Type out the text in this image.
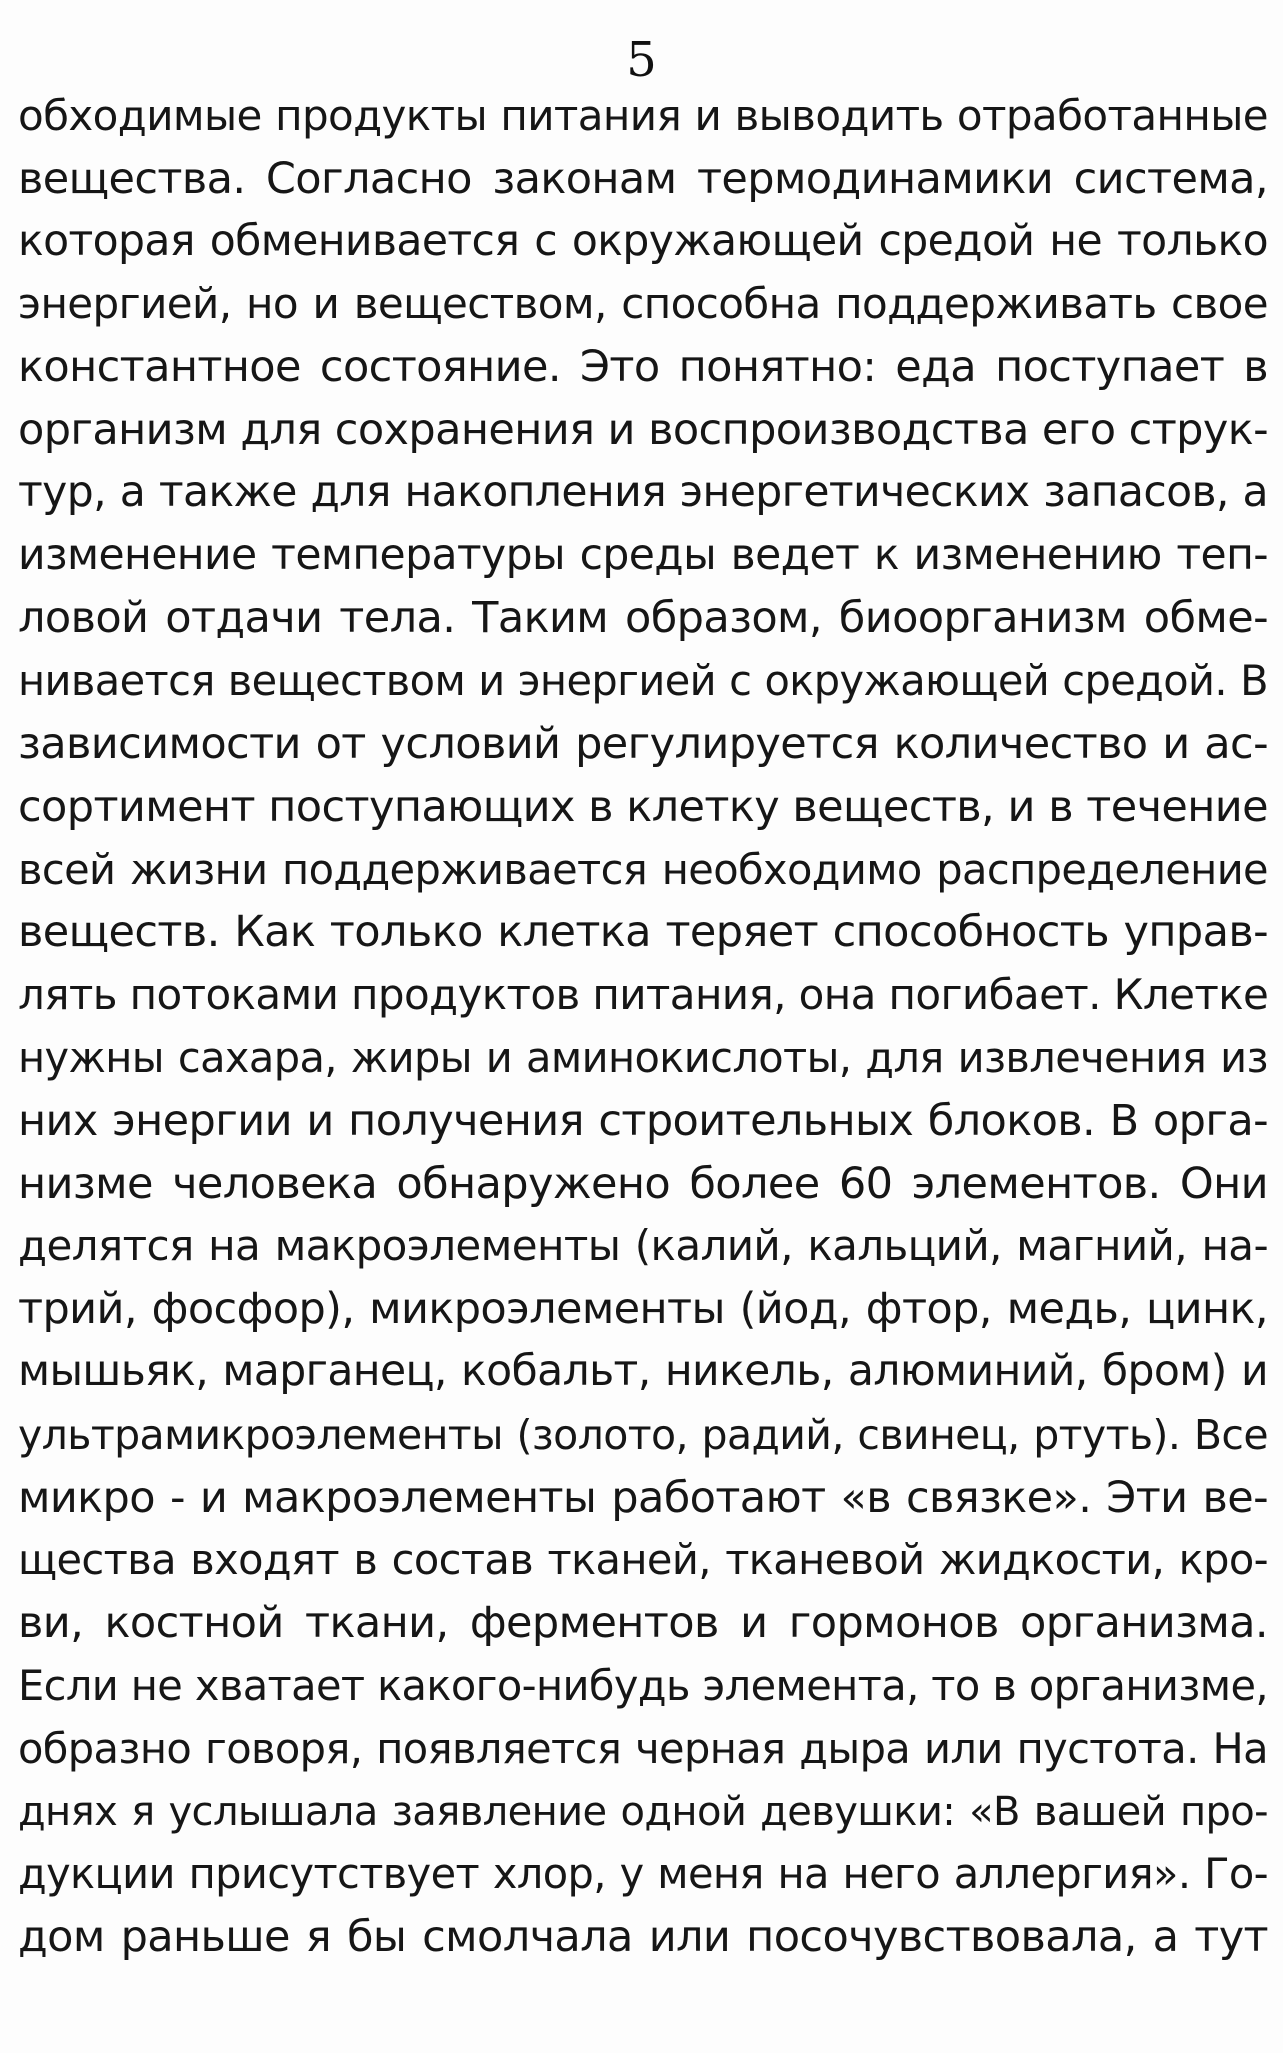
5
обходимые продукты питания и выводить отработанные
вещества. Согласно законам термодинамики система,
которая обменивается с окружающей средой не только
энергией, но и веществом, способна поддерживать свое
константное состояние. Это понятно: еда поступает в
организм для сохранения и воспроизводства его струк-
тур, а также для накопления энергетических запасов, а
изменение температуры среды ведет к изменению теп-
ловой отдачи тела. Таким образом, биоорганизм обме-
нивается веществом и энергией с окружающей средой. В
зависимости от условий регулируется количество и ас-
сортимент поступающих в клетку веществ, и в течение
всей жизни поддерживается необходимо распределение
веществ. Как только клетка теряет способность управ-
лять потоками продуктов питания, она погибает. Клетке
нужны сахара, жиры и аминокислоты, для извлечения из
них энергии и получения строительных блоков. В орга-
низме человека обнаружено более 60 элементов. Они
делятся на макроэлементы (калий, кальций, магний, на-
трий, фосфор), микроэлементы (йод, фтор, медь, цинк,
мышьяк, марганец, кобальт, никель, алюминий, бром) и
ультрамикроэлементы (золото, радий, свинец, ртуть). Все
микро - и макроэлементы работают «в связке». Эти ве-
щества входят в состав тканей, тканевой жидкости, кро-
ви, костной ткани, ферментов и гормонов организма.
Если не хватает какого-нибудь элемента, то в организме,
образно говоря, появляется черная дыра или пустота. На
днях я услышала заявление одной девушки: «В вашей про-
дукции присутствует хлор, у меня на него аллергия». Го-
дом раньше я бы смолчала или посочувствовала, а тут
